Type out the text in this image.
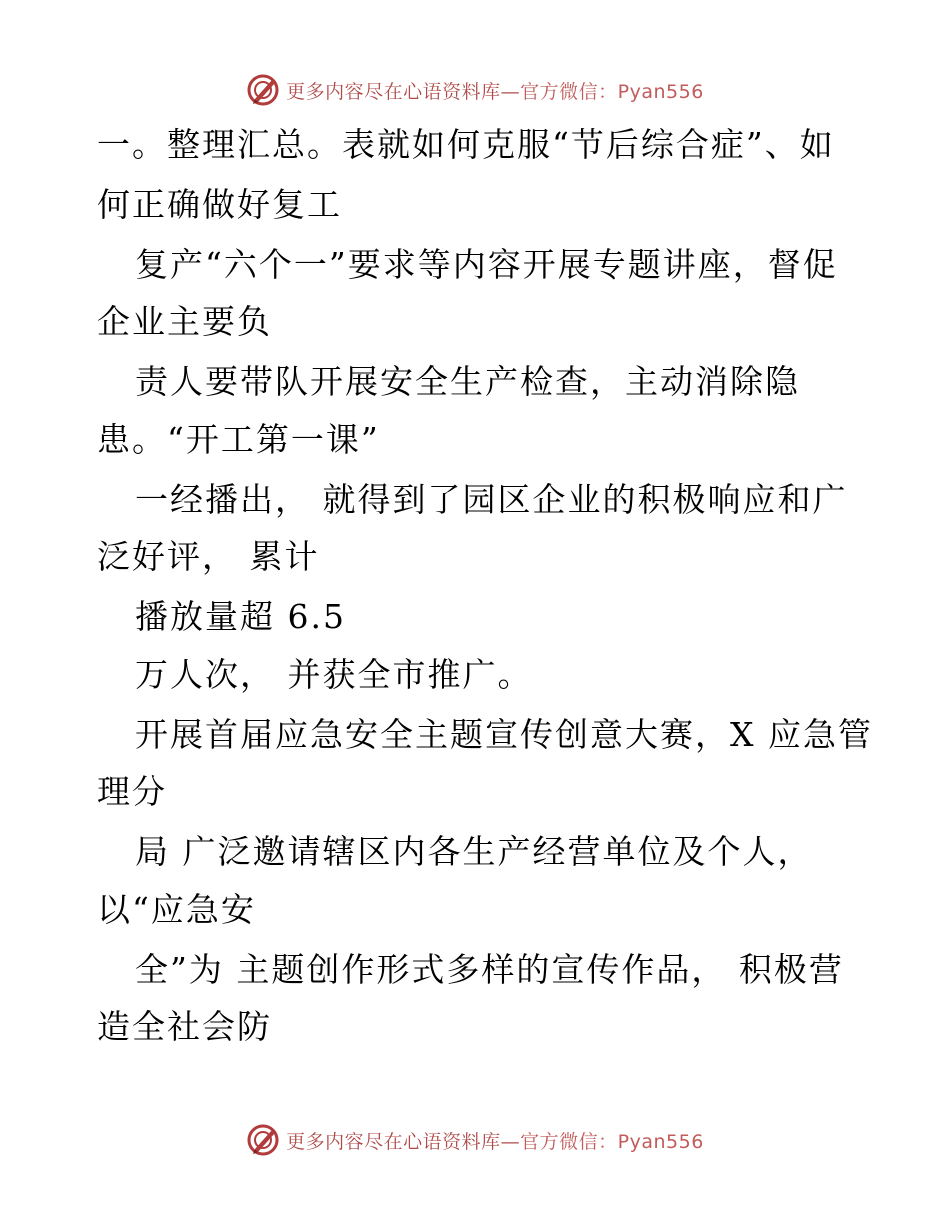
更多内容尽在心语资料库—官方微信：Pyan556
一。整理汇总。表就如何克服“节后综合症”、如
何正确做好复工
复产“六个一”要求等内容开展专题讲座，督促
企业主要负
责人要带队开展安全生产检查，主动消除隐
患。“开工第一课”
一经播出， 就得到了园区企业的积极响应和广
泛好评， 累计
播放量超 6.5
万人次， 并获全市推广。
开展首届应急安全主题宣传创意大赛，X 应急管
理分
局 广泛邀请辖区内各生产经营单位及个人，
以“应急安
全”为 主题创作形式多样的宣传作品， 积极营
造全社会防
更多内容尽在心语资料库—官方微信：Pyan556
